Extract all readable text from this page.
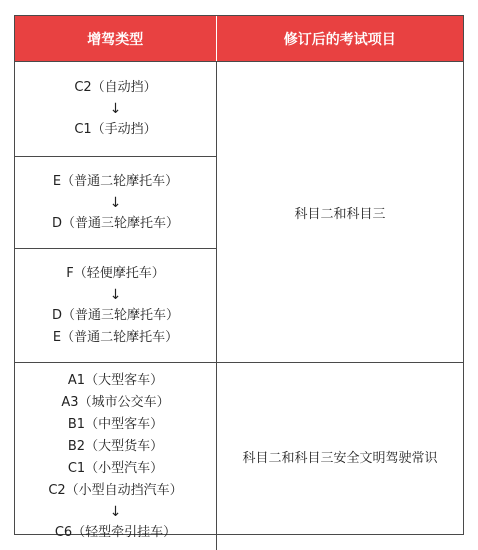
增驾类型	修订后的考试项目
C2（自动挡）
↓
C1（手动挡）
E（普通二轮摩托车）
↓
D（普通三轮摩托车）
F（轻便摩托车）
↓
D（普通三轮摩托车）
E（普通二轮摩托车）
A1（大型客车）
A3（城市公交车）
B1（中型客车）
B2（大型货车）
C1（小型汽车）
C2（小型自动挡汽车）
↓
C6（轻型牵引挂车）
科目二和科目三
科目二和科目三安全文明驾驶常识
